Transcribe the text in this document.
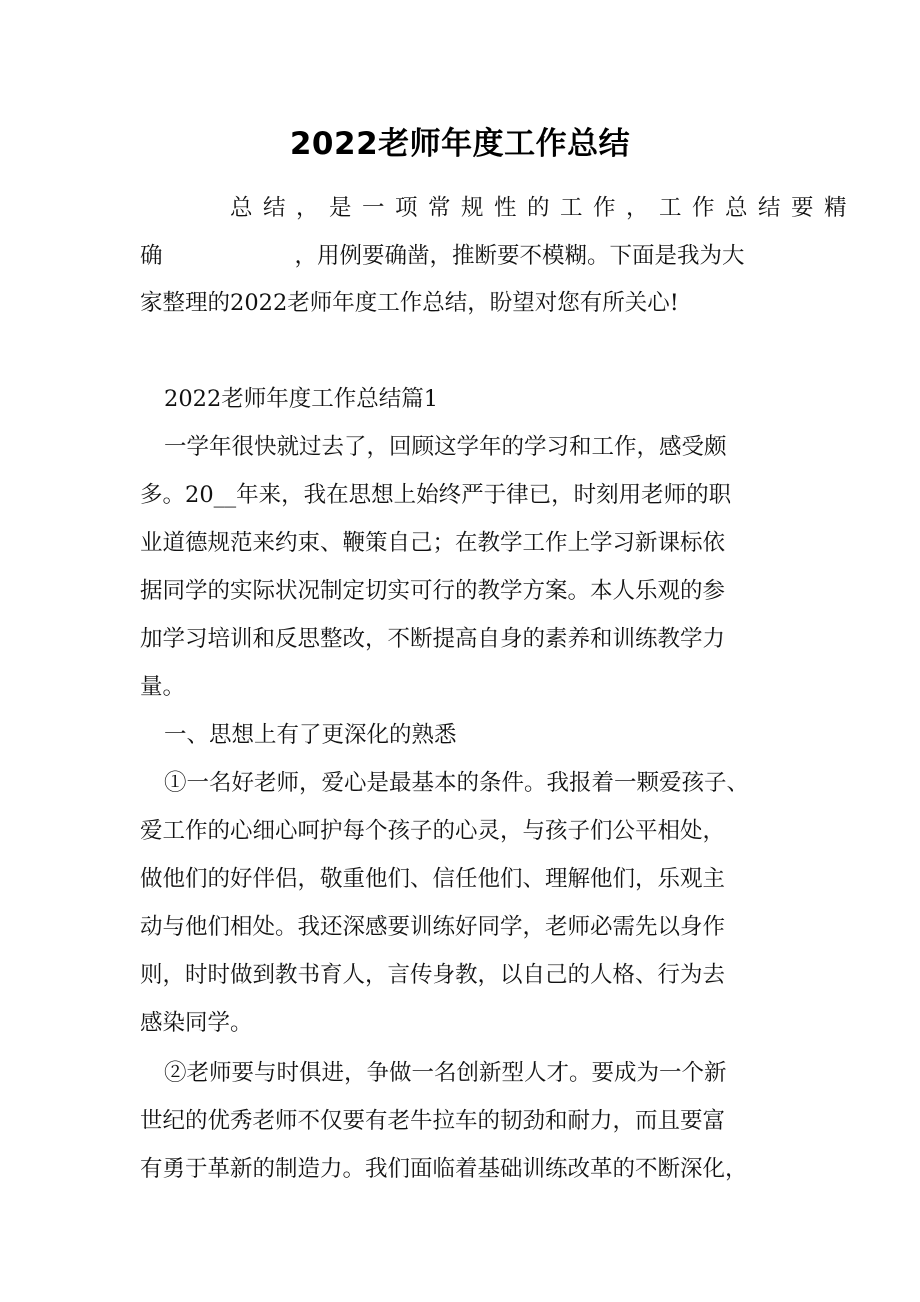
2022老师年度工作总结
总结，是一项常规性的工作，工作总结要精
确	，用例要确凿，推断要不模糊。下面是我为大
家整理的2022老师年度工作总结，盼望对您有所关心!
2022老师年度工作总结篇1
一学年很快就过去了，回顾这学年的学习和工作，感受颇
多。20__年来，我在思想上始终严于律已，时刻用老师的职
业道德规范来约束、鞭策自己；在教学工作上学习新课标依
据同学的实际状况制定切实可行的教学方案。本人乐观的参
加学习培训和反思整改，不断提高自身的素养和训练教学力
量。
一、思想上有了更深化的熟悉
①一名好老师，爱心是最基本的条件。我报着一颗爱孩子、
爱工作的心细心呵护每个孩子的心灵，与孩子们公平相处，
做他们的好伴侣，敬重他们、信任他们、理解他们，乐观主
动与他们相处。我还深感要训练好同学，老师必需先以身作
则，时时做到教书育人，言传身教，以自己的人格、行为去
感染同学。
②老师要与时俱进，争做一名创新型人才。要成为一个新
世纪的优秀老师不仅要有老牛拉车的韧劲和耐力，而且要富
有勇于革新的制造力。我们面临着基础训练改革的不断深化，
